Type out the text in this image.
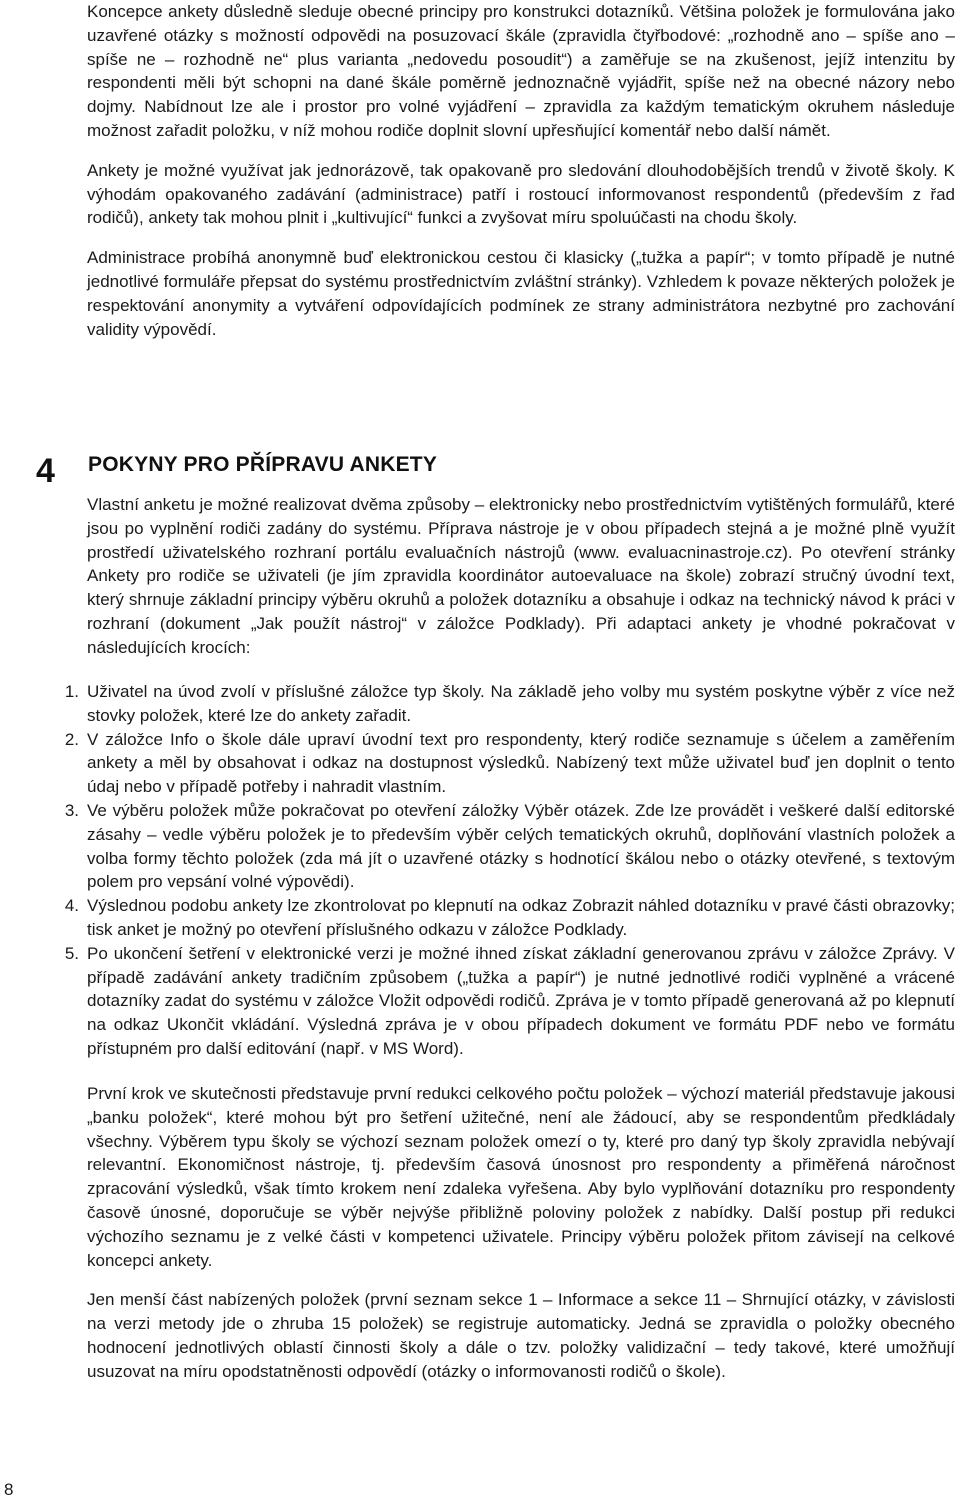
Koncepce ankety důsledně sleduje obecné principy pro konstrukci dotazníků. Většina položek je formulována jako uzavřené otázky s možností odpovědi na posuzovací škále (zpravidla čtyřbodové: „rozhodně ano – spíše ano – spíše ne – rozhodně ne“ plus varianta „nedovedu posoudit“) a zaměřuje se na zkušenost, jejíž intenzitu by respondenti měli být schopni na dané škále poměrně jednoznačně vyjádřit, spíše než na obecné názory nebo dojmy. Nabídnout lze ale i prostor pro volné vyjádření – zpravidla za každým tematickým okruhem následuje možnost zařadit položku, v níž mohou rodiče doplnit slovní upřesňující komentář nebo další námět.

Ankety je možné využívat jak jednorázově, tak opakovaně pro sledování dlouhodobějších trendů v životě školy. K výhodám opakovaného zadávání (administrace) patří i rostoucí informovanost respondentů (především z řad rodičů), ankety tak mohou plnit i „kultivující“ funkci a zvyšovat míru spoluúčasti na chodu školy.

Administrace probíhá anonymně buď elektronickou cestou či klasicky („tužka a papír“; v tomto případě je nutné jednotlivé formuláře přepsat do systému prostřednictvím zvláštní stránky). Vzhledem k povaze některých položek je respektování anonymity a vytváření odpovídajících podmínek ze strany administrátora nezbytné pro zachování validity výpovědí.

4 POKYNY PRO PŘÍPRAVU ANKETY

Vlastní anketu je možné realizovat dvěma způsoby – elektronicky nebo prostřednictvím vytištěných formulářů, které jsou po vyplnění rodiči zadány do systému. Příprava nástroje je v obou případech stejná a je možné plně využít prostředí uživatelského rozhraní portálu evaluačních nástrojů (www. evaluacninastroje.cz). Po otevření stránky Ankety pro rodiče se uživateli (je jím zpravidla koordinátor autoevaluace na škole) zobrazí stručný úvodní text, který shrnuje základní principy výběru okruhů a položek dotazníku a obsahuje i odkaz na technický návod k práci v rozhraní (dokument „Jak použít nástroj“ v záložce Podklady). Při adaptaci ankety je vhodné pokračovat v následujících krocích:

1. Uživatel na úvod zvolí v příslušné záložce typ školy. Na základě jeho volby mu systém poskytne výběr z více než stovky položek, které lze do ankety zařadit.
2. V záložce Info o škole dále upraví úvodní text pro respondenty, který rodiče seznamuje s účelem a zaměřením ankety a měl by obsahovat i odkaz na dostupnost výsledků. Nabízený text může uživatel buď jen doplnit o tento údaj nebo v případě potřeby i nahradit vlastním.
3. Ve výběru položek může pokračovat po otevření záložky Výběr otázek. Zde lze provádět i veškeré další editorské zásahy – vedle výběru položek je to především výběr celých tematických okruhů, doplňování vlastních položek a volba formy těchto položek (zda má jít o uzavřené otázky s hodnotící škálou nebo o otázky otevřené, s textovým polem pro vepsání volné výpovědi).
4. Výslednou podobu ankety lze zkontrolovat po klepnutí na odkaz Zobrazit náhled dotazníku v pravé části obrazovky; tisk anket je možný po otevření příslušného odkazu v záložce Podklady.
5. Po ukončení šetření v elektronické verzi je možné ihned získat základní generovanou zprávu v záložce Zprávy. V případě zadávání ankety tradičním způsobem („tužka a papír“) je nutné jednotlivé rodiči vyplněné a vrácené dotazníky zadat do systému v záložce Vložit odpovědi rodičů. Zpráva je v tomto případě generovaná až po klepnutí na odkaz Ukončit vkládání. Výsledná zpráva je v obou případech dokument ve formátu PDF nebo ve formátu přístupném pro další editování (např. v MS Word).

První krok ve skutečnosti představuje první redukci celkového počtu položek – výchozí materiál představuje jakousi „banku položek“, které mohou být pro šetření užitečné, není ale žádoucí, aby se respondentům předkládaly všechny. Výběrem typu školy se výchozí seznam položek omezí o ty, které pro daný typ školy zpravidla nebývají relevantní. Ekonomičnost nástroje, tj. především časová únosnost pro respondenty a přiměřená náročnost zpracování výsledků, však tímto krokem není zdaleka vyřešena. Aby bylo vyplňování dotazníku pro respondenty časově únosné, doporučuje se výběr nejvýše přibližně poloviny položek z nabídky. Další postup při redukci výchozího seznamu je z velké části v kompetenci uživatele. Principy výběru položek přitom závisejí na celkové koncepci ankety.

Jen menší část nabízených položek (první seznam sekce 1 – Informace a sekce 11 – Shrnující otázky, v závislosti na verzi metody jde o zhruba 15 položek) se registruje automaticky. Jedná se zpravidla o položky obecného hodnocení jednotlivých oblastí činnosti školy a dále o tzv. položky validizační – tedy takové, které umožňují usuzovat na míru opodstatněnosti odpovědí (otázky o informovanosti rodičů o škole).

8
